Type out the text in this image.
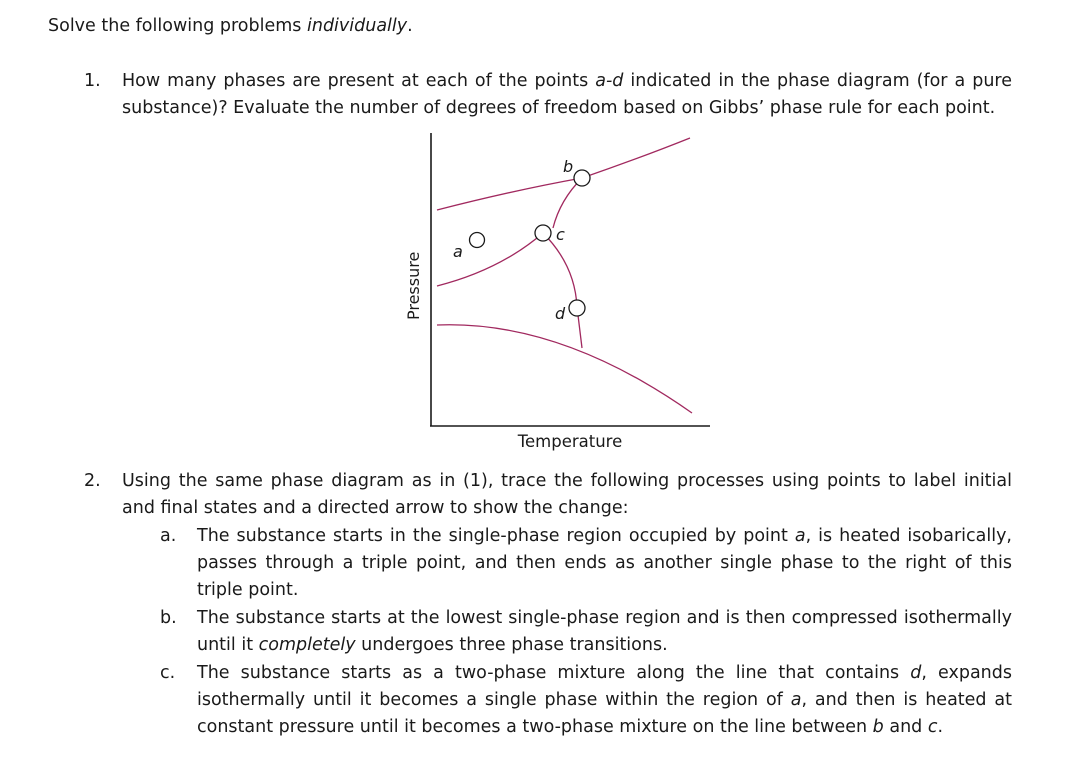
Solve the following problems individually.
1. How many phases are present at each of the points a-d indicated in the phase diagram (for a pure
substance)? Evaluate the number of degrees of freedom based on Gibbs’ phase rule for each point.
a
b
c
d
Pressure
Temperature
2. Using the same phase diagram as in (1), trace the following processes using points to label initial
and final states and a directed arrow to show the change:
a. The substance starts in the single-phase region occupied by point a, is heated isobarically,
passes through a triple point, and then ends as another single phase to the right of this
triple point.
b. The substance starts at the lowest single-phase region and is then compressed isothermally
until it completely undergoes three phase transitions.
c. The substance starts as a two-phase mixture along the line that contains d, expands
isothermally until it becomes a single phase within the region of a, and then is heated at
constant pressure until it becomes a two-phase mixture on the line between b and c.
